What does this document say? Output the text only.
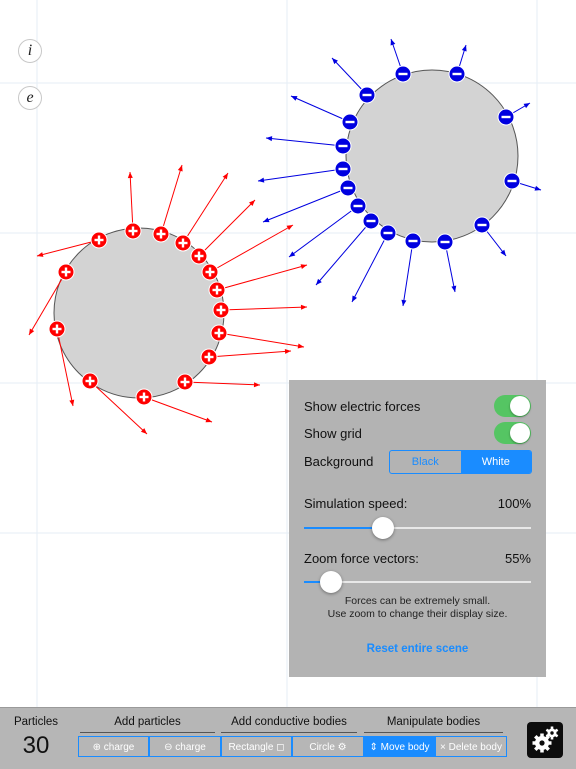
i
e
Show electric forces
Show grid
Background	Black	White
Simulation speed:	100%
Zoom force vectors:	55%
Forces can be extremely small.
Use zoom to change their display size.
Reset entire scene
Particles
30
Add particles	Add conductive bodies	Manipulate bodies
⊕ charge	⊖ charge	Rectangle ◻	Circle ⚙	⇕ Move body	× Delete body
